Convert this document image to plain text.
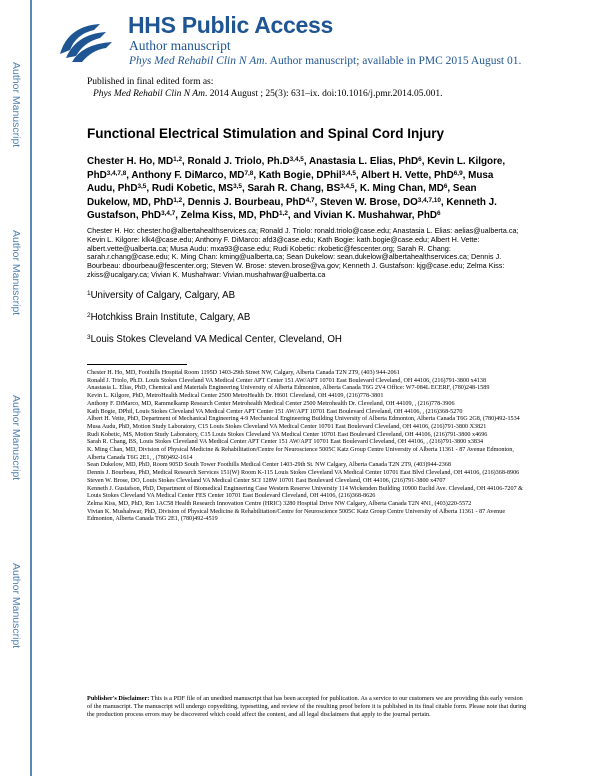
Author Manuscript
Author Manuscript
Author Manuscript
Author Manuscript
HHS Public Access
Author manuscript
Phys Med Rehabil Clin N Am. Author manuscript; available in PMC 2015 August 01.
Published in final edited form as:
Phys Med Rehabil Clin N Am. 2014 August ; 25(3): 631–ix. doi:10.1016/j.pmr.2014.05.001.
Functional Electrical Stimulation and Spinal Cord Injury
Chester H. Ho, MD$^{1,2}$, Ronald J. Triolo, $Ph.D^{3,4,5}$, Anastasia L. Elias, PhD$^6$, Kevin L. Kilgore, PhD$^{3,4,7,8}$, Anthony F. DiMarco, MD$^{7,8}$, Kath Bogie, DPhil$^{3,4,5}$, Albert H. Vette, PhD$^{6,9}$, Musa Audu, PhD$^{3,5}$, Rudi Kobetic, MS$^{3,5}$, Sarah R. Chang, BS$^{3,4,5}$, K. Ming Chan, $MD^6$, Sean Dukelow, MD, PhD$^{1,2}$, Dennis J. Bourbeau, PhD$^{4,7}$, Steven W. Brose, DO$^{3,4,7,10}$, Kenneth J. Gustafson, PhD$^{3,4,7}$, Zelma Kiss, MD, PhD$^{1,2}$, and Vivian K. Mushahwar, PhD$^6$
Chester H. Ho: chester.ho@albertahealthservices.ca; Ronald J. Triolo: ronald.triolo@case.edu; Anastasia L. Elias: aelias@ualberta.ca; Kevin L. Kilgore: klk4@case.edu; Anthony F. DiMarco: afd3@case.edu; Kath Bogie: kath.bogie@case.edu; Albert H. Vette: albert.vette@ualberta.ca; Musa Audu: mxa93@case.edu; Rudi Kobetic: rkobetic@fescenter.org; Sarah R. Chang: sarah.r.chang@case.edu; K. Ming Chan: kming@ualberta.ca; Sean Dukelow: sean.dukelow@albertahealthservices.ca; Dennis J. Bourbeau: dbourbeau@fescenter.org; Steven W. Brose: steven.brose@va.gov; Kenneth J. Gustafson: kjg@case.edu; Zelma Kiss: zkiss@ucalgary.ca; Vivian K. Mushahwar: Vivian.mushahwar@ualberta.ca
$^1$University of Calgary, Calgary, AB
$^2$Hotchkiss Brain Institute, Calgary, AB
$^3$Louis Stokes Cleveland VA Medical Center, Cleveland, OH
Chester H. Ho, MD, Foothills Hospital Room 1195D 1403-29th Street NW, Calgary, Alberta Canada T2N 2T9, (403) 944-2061
Ronald J. Triolo, Ph.D. Louis Stokes Cleveland VA Medical Center APT Center 151 AW/APT 10701 East Boulevard Cleveland, OH 44106, (216)791-3800 x4138
Anastasia L. Elias, PhD, Chemical and Materials Engineering University of Alberta Edmonton, Alberta Canada T6G 2V4 Office: W7-084L ECERF, (780)248-1589
Kevin L. Kilgore, PhD, MetroHealth Medical Center 2500 MetroHealth Dr. H601 Cleveland, OH 44109, (216)778-3801
Anthony F. DiMarco, MD, Rammelkamp Research Center Metrohealth Medical Center 2500 Metrohealth Dr. Cleveland, OH 44109, , (216)778-3906
Kath Bogie, DPhil, Louis Stokes Cleveland VA Medical Center APT Center 151 AW/APT 10701 East Boulevard Cleveland, OH 44106, , (216)368-5270
Albert H. Vette, PhD, Department of Mechanical Engineering 4-9 Mechanical Engineering Building University of Alberta Edmonton, Alberta Canada T6G 2G8, (780)492-1534
Musa Audu, PhD, Motion Study Laboratory, C15 Louis Stokes Cleveland VA Medical Center 10701 East Boulevard Cleveland, OH 44106, (216)791-3800 X3821
Rudi Kobetic, MS, Motion Study Laboratory, C15 Louis Stokes Cleveland VA Medical Center 10701 East Boulevard Cleveland, OH 44106, (216)791-3800 x4696
Sarah R. Chang, BS, Louis Stokes Cleveland VA Medical Center APT Center 151 AW/APT 10701 East Boulevard Cleveland, OH 44106, , (216)791-3800 x3834
K. Ming Chan, MD, Division of Physical Medicine & Rehabilitation/Centre for Neuroscience 5005C Katz Group Centre University of Alberta 11361 - 87 Avenue Edmonton, Alberta Canada T6G 2E1, , (780)492-1614
Sean Dukelow, MD, PhD, Room 905D South Tower Foothills Medical Center 1403-29th St. NW Calgary, Alberta Canada T2N 2T9, (403)944-2368
Dennis J. Bourbeau, PhD, Medical Research Services 151(W) Room K-115 Louis Stokes Cleveland VA Medical Center 10701 East Blvd Cleveland, OH 44106, (216)368-8906
Steven W. Brose, DO, Louis Stokes Cleveland VA Medical Center SCI 128W 10701 East Boulevard Cleveland, OH 44106, (216)791-3800 x4707
Kenneth J. Gustafson, PhD, Department of Biomedical Engineering Case Western Reserve University 114 Wickenden Building 10900 Euclid Ave. Cleveland, OH 44106-7207 & Louis Stokes Cleveland VA Medical Center FES Center 10701 East Boulevard Cleveland, OH 44106, (216)368-8626
Zelma Kiss, MD, PhD, Rm 1AC58 Health Research Innovation Centre (HRIC) 3280 Hospital Drive NW Calgary, Alberta Canada T2N 4N1, (403)220-5572
Vivian K. Mushahwar, PhD, Division of Physical Medicine & Rehabilitation/Centre for Neuroscience 5005C Katz Group Centre University of Alberta 11361 - 87 Avenue Edmonton, Alberta Canada T6G 2E1, (780)492-4519
Publisher's Disclaimer: This is a PDF file of an unedited manuscript that has been accepted for publication. As a service to our customers we are providing this early version of the manuscript. The manuscript will undergo copyediting, typesetting, and review of the resulting proof before it is published in its final citable form. Please note that during the production process errors may be discovered which could affect the content, and all legal disclaimers that apply to the journal pertain.
